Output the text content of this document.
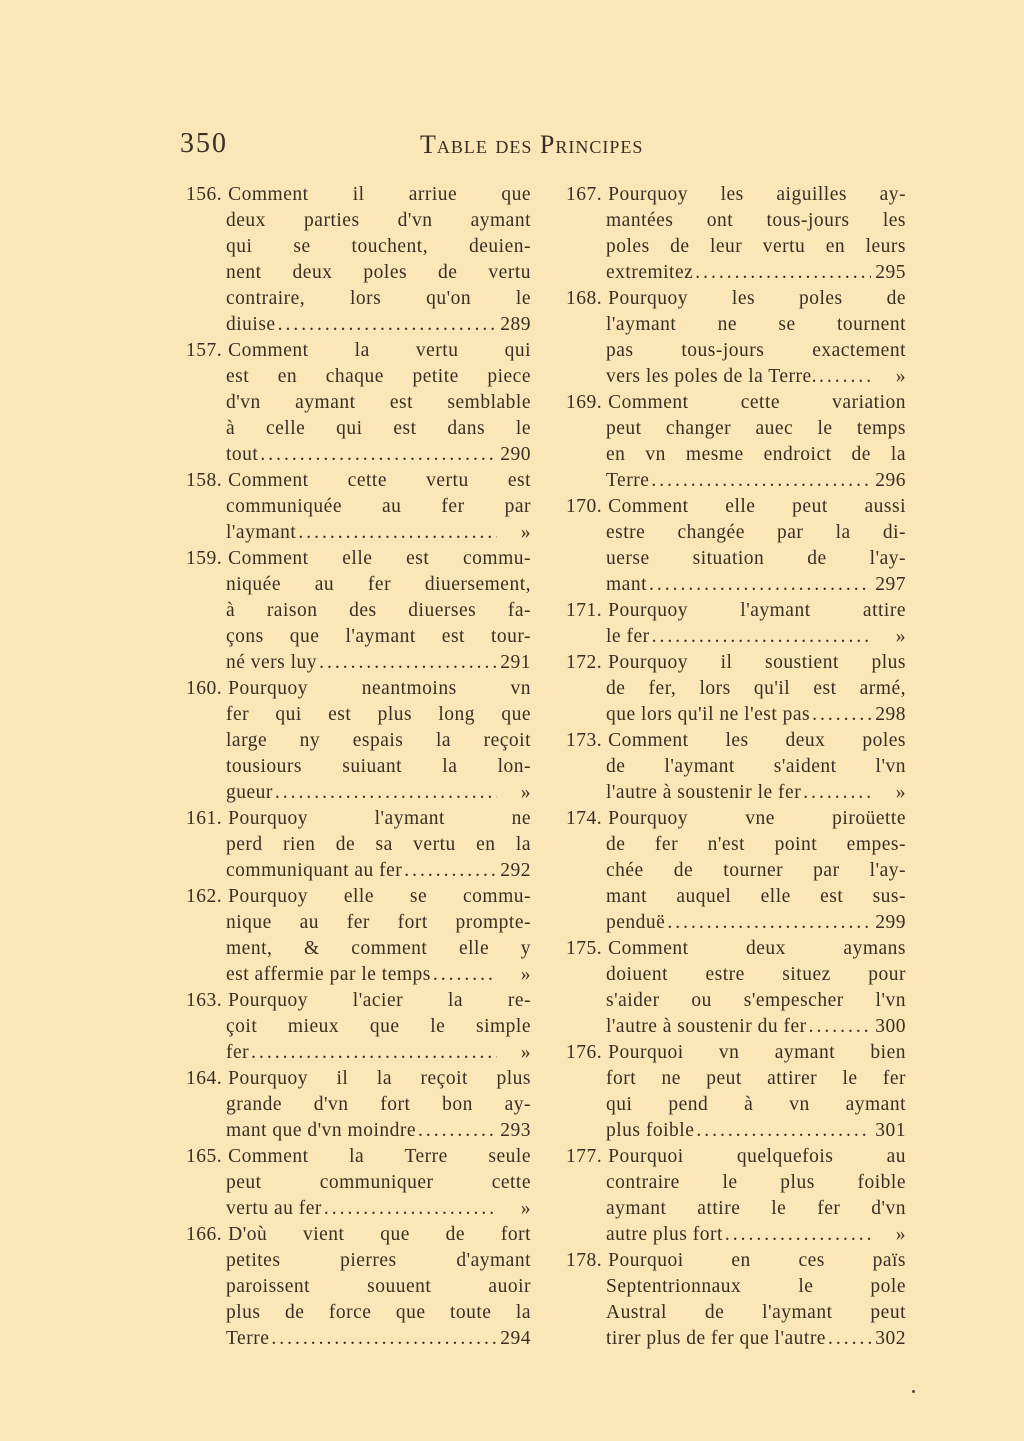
350	Table des Principes
156. Comment il arriue que
deux parties d'vn aymant
qui se touchent, deuien-
nent deux poles de vertu
contraire, lors qu'on le
diuise .....	289
157. Comment la vertu qui
est en chaque petite piece
d'vn aymant est semblable
à celle qui est dans le
tout .....	290
158. Comment cette vertu est
communiquée au fer par
l'aymant .....	»
159. Comment elle est commu-
niquée au fer diuersement,
à raison des diuerses fa-
çons que l'aymant est tour-
né vers luy .....	291
160. Pourquoy neantmoins vn
fer qui est plus long que
large ny espais la reçoit
tousiours suiuant la lon-
gueur .....	»
161. Pourquoy l'aymant ne
perd rien de sa vertu en la
communiquant au fer .....	292
162. Pourquoy elle se commu-
nique au fer fort prompte-
ment, & comment elle y
est affermie par le temps .....	»
163. Pourquoy l'acier la re-
çoit mieux que le simple
fer .....	»
164. Pourquoy il la reçoit plus
grande d'vn fort bon ay-
mant que d'vn moindre .....	293
165. Comment la Terre seule
peut communiquer cette
vertu au fer .....	»
166. D'où vient que de fort
petites pierres d'aymant
paroissent souuent auoir
plus de force que toute la
Terre .....	294
167. Pourquoy les aiguilles ay-
mantées ont tous-jours les
poles de leur vertu en leurs
extremitez .....	295
168. Pourquoy les poles de
l'aymant ne se tournent
pas tous-jours exactement
vers les poles de la Terre. .....	»
169. Comment cette variation
peut changer auec le temps
en vn mesme endroict de la
Terre .....	296
170. Comment elle peut aussi
estre changée par la di-
uerse situation de l'ay-
mant .....	297
171. Pourquoy l'aymant attire
le fer .....	»
172. Pourquoy il soustient plus
de fer, lors qu'il est armé,
que lors qu'il ne l'est pas .....	298
173. Comment les deux poles
de l'aymant s'aident l'vn
l'autre à soustenir le fer .....	»
174. Pourquoy vne piroüette
de fer n'est point empes-
chée de tourner par l'ay-
mant auquel elle est sus-
penduë .....	299
175. Comment deux aymans
doiuent estre situez pour
s'aider ou s'empescher l'vn
l'autre à soustenir du fer .....	300
176. Pourquoi vn aymant bien
fort ne peut attirer le fer
qui pend à vn aymant
plus foible .....	301
177. Pourquoi quelquefois au
contraire le plus foible
aymant attire le fer d'vn
autre plus fort .....	»
178. Pourquoi en ces païs
Septentrionnaux le pole
Austral de l'aymant peut
tirer plus de fer que l'autre .....	302
